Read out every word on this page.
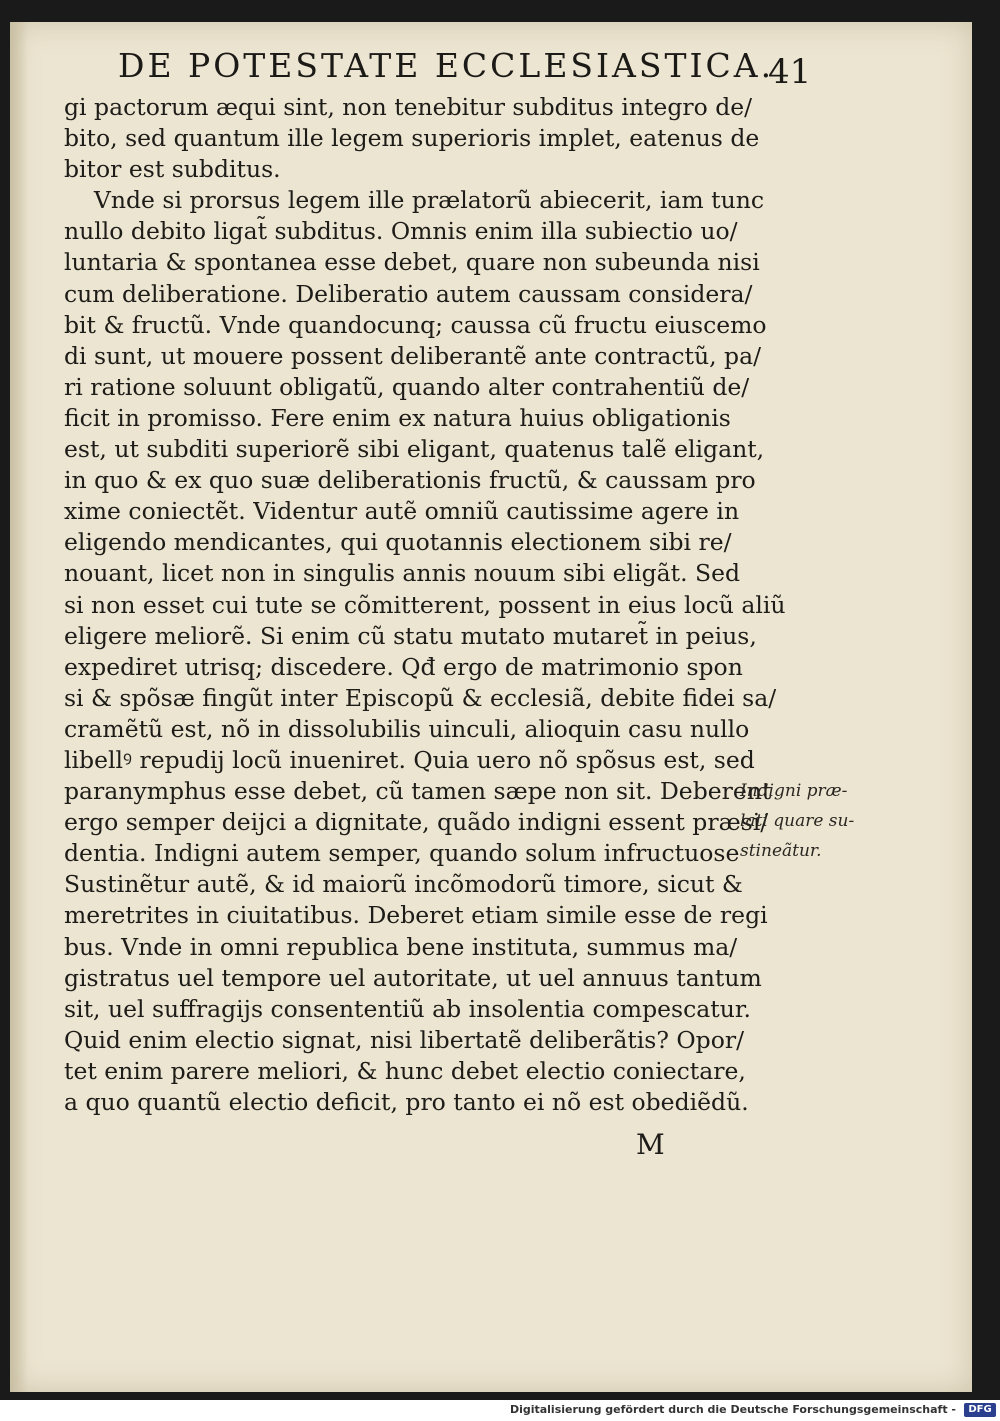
DE POTESTATE ECCLESIASTICA.
41
gi pactorum æqui sint, non tenebitur subditus integro de/
bito, sed quantum ille legem superioris implet, eatenus de
bitor est subditus.
Vnde si prorsus legem ille prælatorũ abiecerit, iam tunc
nullo debito ligat̃ subditus. Omnis enim illa subiectio uo/
luntaria & spontanea esse debet, quare non subeunda nisi
cum deliberatione. Deliberatio autem caussam considera/
bit & fructũ. Vnde quandocunq; caussa cũ fructu eiuscemo
di sunt, ut mouere possent deliberantẽ ante contractũ, pa/
ri ratione soluunt obligatũ, quando alter contrahentiũ de/
ficit in promisso. Fere enim ex natura huius obligationis
est, ut subditi superiorẽ sibi eligant, quatenus talẽ eligant,
in quo & ex quo suæ deliberationis fructũ, & caussam pro
xime coniectẽt. Videntur autẽ omniũ cautissime agere in
eligendo mendicantes, qui quotannis electionem sibi re/
nouant, licet non in singulis annis nouum sibi eligãt. Sed
si non esset cui tute se cõmitterent, possent in eius locũ aliũ
eligere meliorẽ. Si enim cũ statu mutato mutaret̃ in peius,
expediret utrisq; discedere. Qđ ergo de matrimonio spon
si & spõsæ fingũt inter Episcopũ & ecclesiã, debite fidei sa/
cramẽtũ est, nõ in dissolubilis uinculi, alioquin casu nullo
libellꝰ repudij locũ inueniret. Quia uero nõ spõsus est, sed
paranymphus esse debet, cũ tamen sæpe non sit. Deberent
ergo semper deijci a dignitate, quãdo indigni essent præsi/
dentia. Indigni autem semper, quando solum infructuose
Sustinẽtur autẽ, & id maiorũ incõmodorũ timore, sicut &
meretrites in ciuitatibus. Deberet etiam simile esse de regi
bus. Vnde in omni republica bene instituta, summus ma/
gistratus uel tempore uel autoritate, ut uel annuus tantum
sit, uel suffragijs consententiũ ab insolentia compescatur.
Quid enim electio signat, nisi libertatẽ deliberãtis? Opor/
tet enim parere meliori, & hunc debet electio coniectare,
a quo quantũ electio deficit, pro tanto ei nõ est obediẽdũ.
Indigni præ-
lati quare su-
stineãtur.
M
Digitalisierung gefördert durch die Deutsche Forschungsgemeinschaft -	DFG
